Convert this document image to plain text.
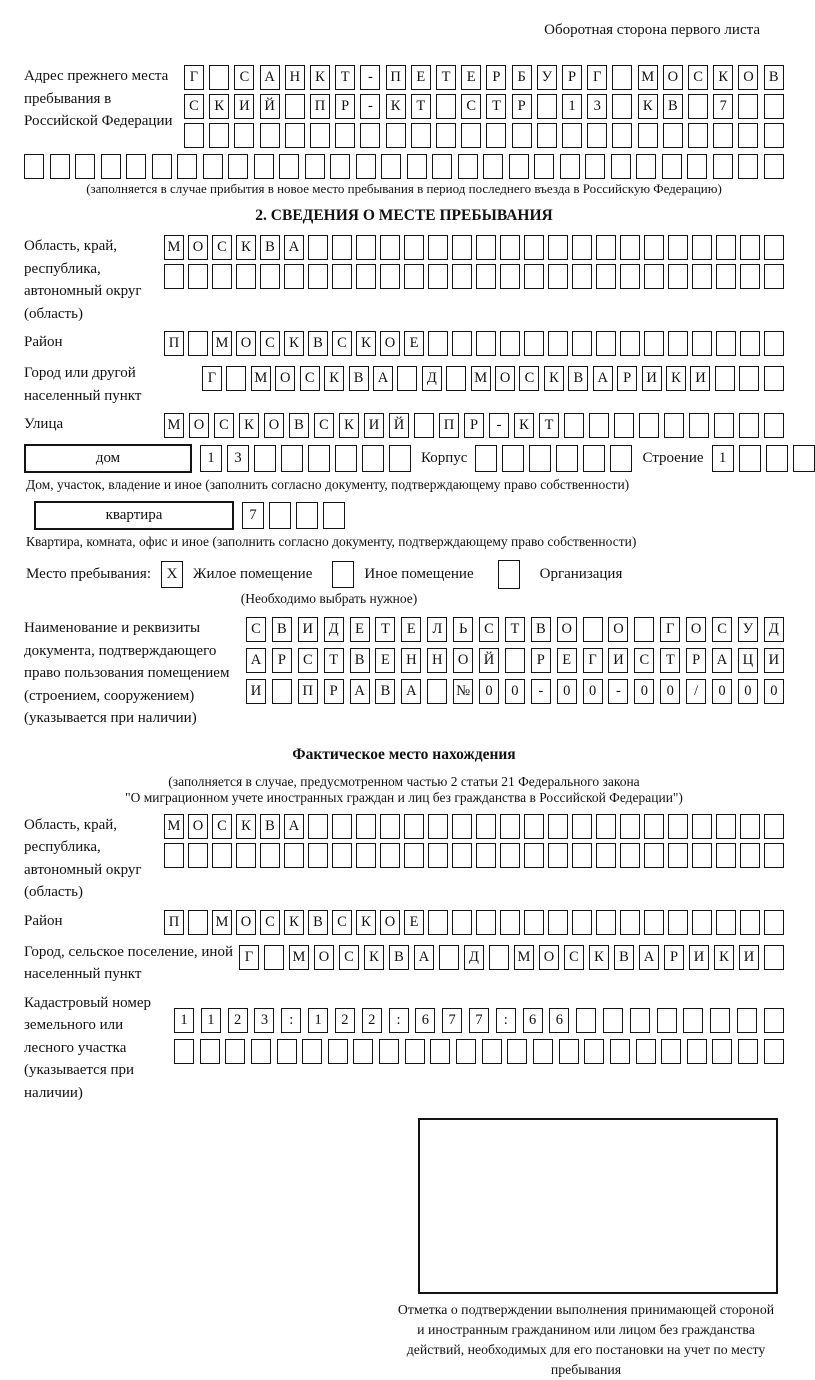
Оборотная сторона первого листа
Адрес прежнего места пребывания в Российской Федерации
Г	С	А	Н	К	Т	-	П	Е	Т	Е	Р	Б	У	Р	Г	М О	С	К	О	В
С	К	И	Й	П	Р	-	К	Т	С	Т	Р	1	3	К	В	7
(заполняется в случае прибытия в новое место пребывания в период последнего въезда в Российскую Федерацию)
2. СВЕДЕНИЯ О МЕСТЕ ПРЕБЫВАНИЯ
Область, край, республика, автономный округ (область)
М О С К В А
Район	П	М О С К В С К О Е
Город или другой населенный пункт
Г	М О С	К	В А	Д	М О С	К	В А	Р	И К И
Улица	М О	С	К	О	В	С	К	И	Й	П	Р	-	К	Т
дом	1	3	Корпус	Строение	1
Дом, участок, владение и иное (заполнить согласно документу, подтверждающему право собственности)
квартира	7
Квартира, комната, офис и иное (заполнить согласно документу, подтверждающему право собственности)
Место пребывания:	X	Жилое помещение	Иное помещение	Организация
(Необходимо выбрать нужное)
Наименование и реквизиты документа, подтверждающего право пользования помещением (строением, сооружением) (указывается при наличии)
С	В	И	Д	Е	Т	Е	Л	Ь	С	Т	В	О	О	Г	О	С	У	Д
А	Р	С	Т	В	Е	Н	Н	О	Й	Р	Е	Г	И	С	Т	Р	А	Ц	И
И	П	Р	А	В	А	№	0	0	-	0	0	-	0	0	/	0	0	0
Фактическое место нахождения

(заполняется в случае, предусмотренном частью 2 статьи 21 Федерального закона

"О миграционном учете иностранных граждан и лиц без гражданства в Российской Федерации")

Область, край, республика, автономный округ (область)
М О С К В А
Район	П	М О С К В С К О Е
Город, сельское поселение, иной населенный пункт
Г	М О	С	К	В	А	Д	М О	С	К	В	А	Р	И	К	И
Кадастровый номер земельного или лесного участка (указывается при наличии)
1	1	2	3	:	1	2	2	:	6	7	7	:	6	6
Отметка о подтверждении выполнения принимающей стороной и иностранным гражданином или лицом без гражданства действий, необходимых для его постановки на учет по месту пребывания
